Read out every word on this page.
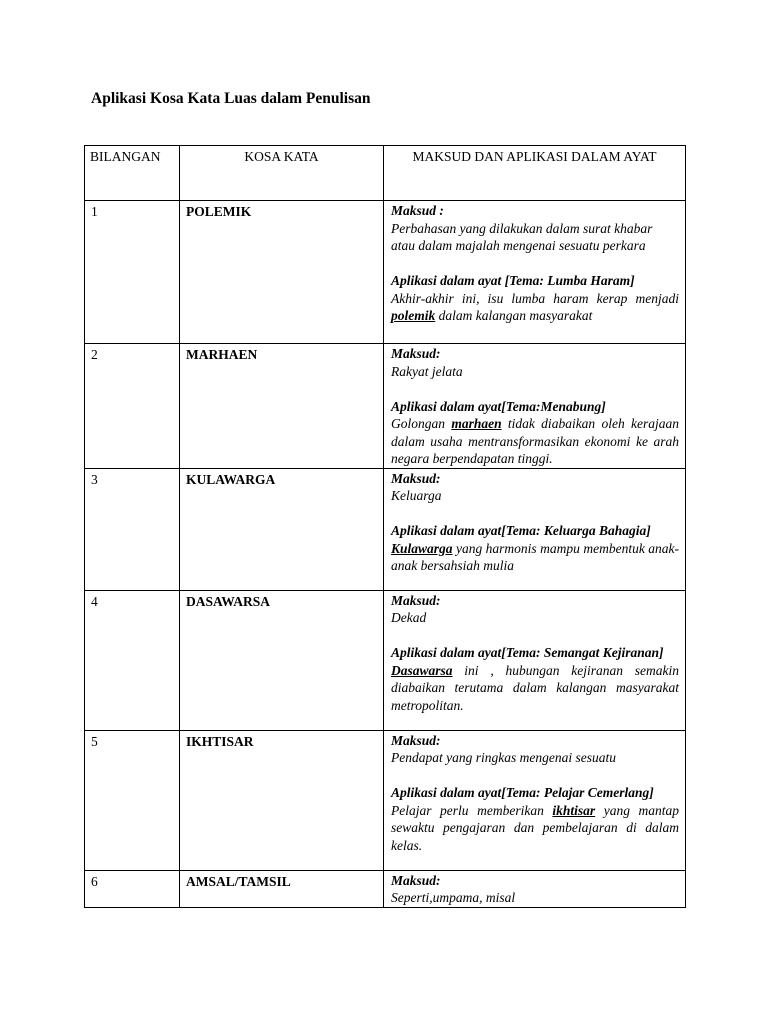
Aplikasi Kosa Kata Luas dalam Penulisan
BILANGAN	KOSA KATA	MAKSUD DAN APLIKASI DALAM AYAT
1	POLEMIK	Maksud :
Perbahasan yang dilakukan dalam surat khabar atau dalam majalah mengenai sesuatu perkara
Aplikasi dalam ayat [Tema: Lumba Haram]
Akhir-akhir ini, isu lumba haram kerap menjadi polemik dalam kalangan masyarakat

2	MARHAEN	Maksud:
Rakyat jelata
Aplikasi dalam ayat[Tema:Menabung]
Golongan marhaen tidak diabaikan oleh kerajaan dalam usaha mentransformasikan ekonomi ke arah negara berpendapatan tinggi.

3	KULAWARGA	Maksud:
Keluarga
Aplikasi dalam ayat[Tema: Keluarga Bahagia]
Kulawarga yang harmonis mampu membentuk anak-anak bersahsiah mulia

4	DASAWARSA	Maksud:
Dekad
Aplikasi dalam ayat[Tema: Semangat Kejiranan]
Dasawarsa ini , hubungan kejiranan semakin diabaikan terutama dalam kalangan masyarakat metropolitan.

5	IKHTISAR	Maksud:
Pendapat yang ringkas mengenai sesuatu
Aplikasi dalam ayat[Tema: Pelajar Cemerlang]
Pelajar perlu memberikan ikhtisar yang mantap sewaktu pengajaran dan pembelajaran di dalam kelas.

6	AMSAL/TAMSIL	Maksud:
Seperti,umpama, misal
